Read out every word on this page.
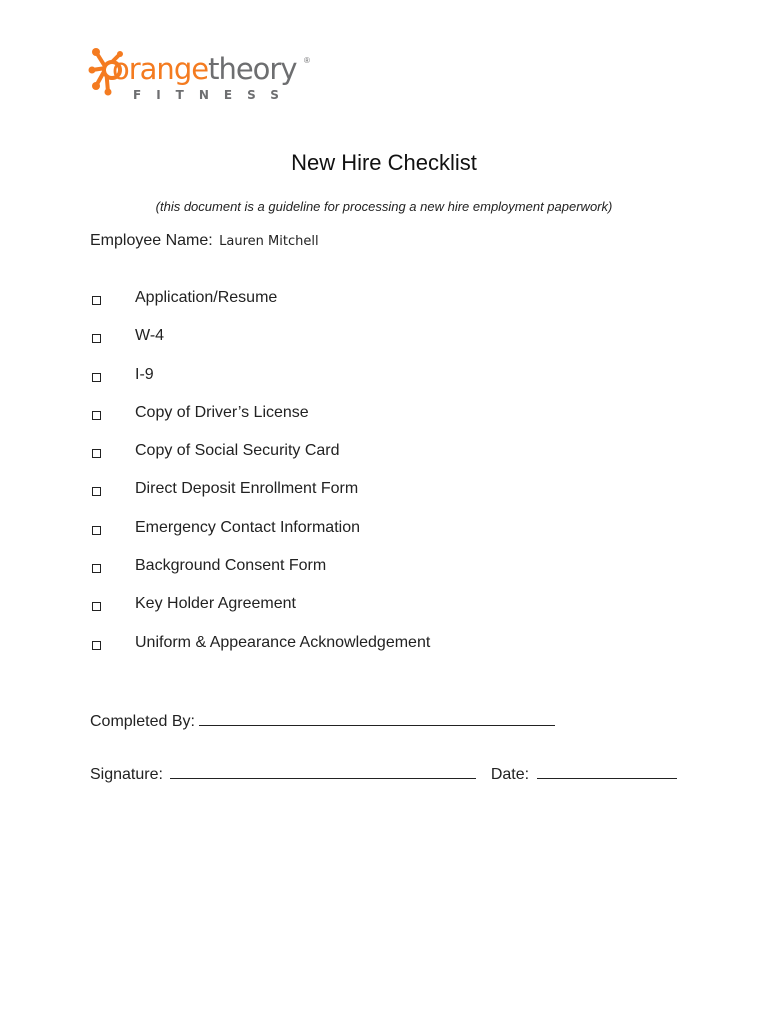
orangetheory ®
FITNESS
New Hire Checklist
(this document is a guideline for processing a new hire employment paperwork)
Employee Name: Lauren Mitchell
Application/Resume
W-4
I-9
Copy of Driver’s License
Copy of Social Security Card
Direct Deposit Enrollment Form
Emergency Contact Information
Background Consent Form
Key Holder Agreement
Uniform & Appearance Acknowledgement
Completed By:
Signature:	Date:
